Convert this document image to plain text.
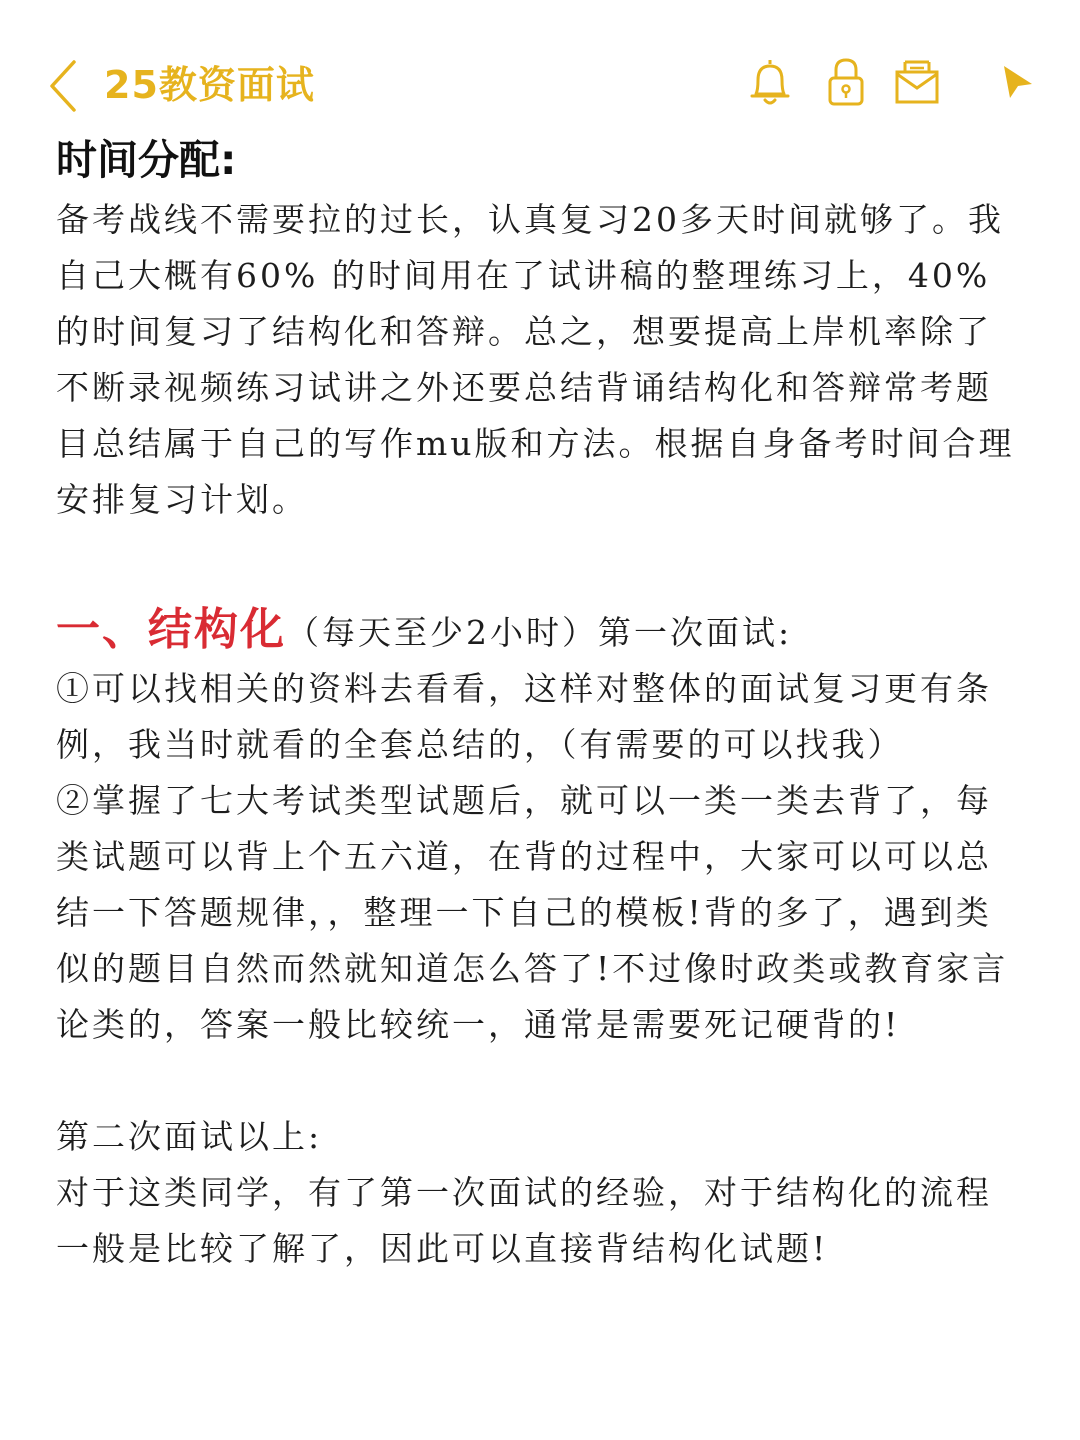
25教资面试
时间分配:

备考战线不需要拉的过长，认真复习20多天时间就够了。我自己大概有60% 的时间用在了试讲稿的整理练习上，40%的时间复习了结构化和答辩。总之，想要提高上岸机率除了不断录视频练习试讲之外还要总结背诵结构化和答辩常考题目总结属于自己的写作mu版和方法。根据自身备考时间合理安排复习计划。

一、结构化（每天至少2小时）第一次面试:

①可以找相关的资料去看看，这样对整体的面试复习更有条例，我当时就看的全套总结的，（有需要的可以找我）

②掌握了七大考试类型试题后，就可以一类一类去背了，每类试题可以背上个五六道，在背的过程中，大家可以可以总结一下答题规律，，整理一下自己的模板!背的多了，遇到类似的题目自然而然就知道怎么答了!不过像时政类或教育家言论类的，答案一般比较统一，通常是需要死记硬背的!

第二次面试以上:

对于这类同学，有了第一次面试的经验，对于结构化的流程一般是比较了解了，因此可以直接背结构化试题!
